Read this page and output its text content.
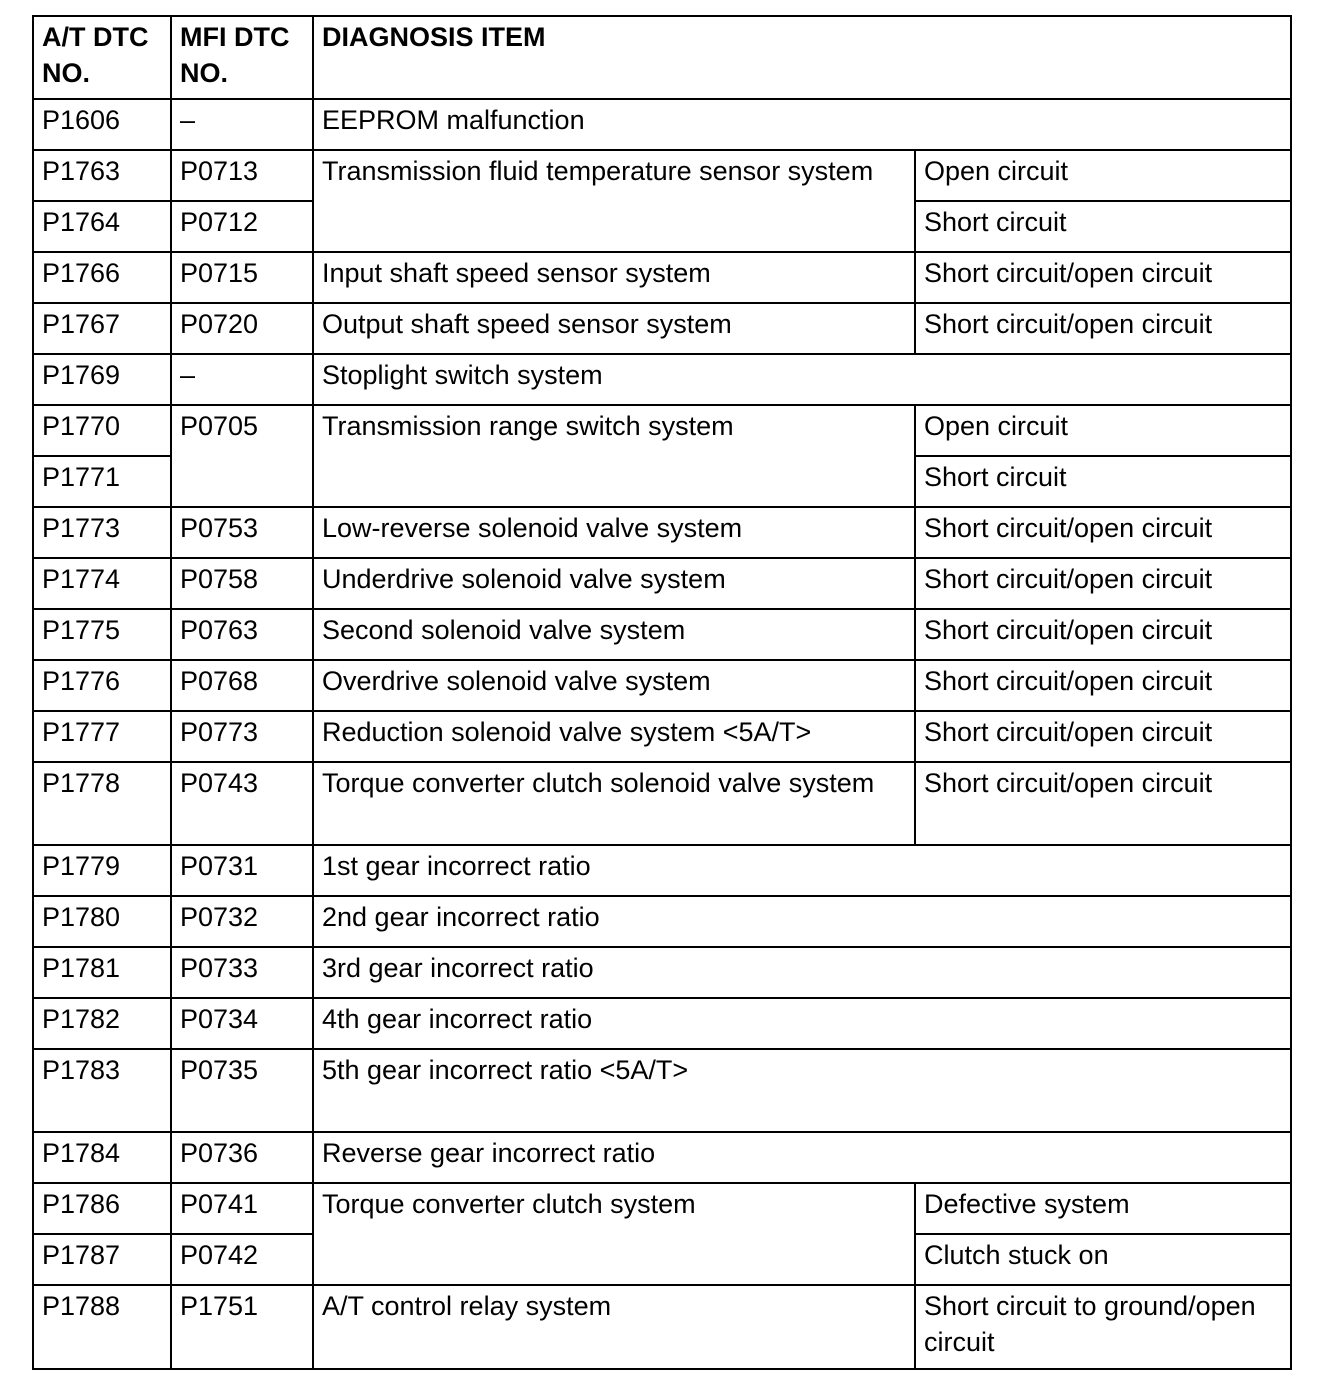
A/T DTC NO.	MFI DTC NO.	DIAGNOSIS ITEM	
P1606	–	EEPROM malfunction	
P1763	P0713	Transmission fluid temperature sensor system	Open circuit
P1764	P0712		Short circuit
P1766	P0715	Input shaft speed sensor system	Short circuit/open circuit
P1767	P0720	Output shaft speed sensor system	Short circuit/open circuit
P1769	–	Stoplight switch system	
P1770	P0705	Transmission range switch system	Open circuit
P1771			Short circuit
P1773	P0753	Low-reverse solenoid valve system	Short circuit/open circuit
P1774	P0758	Underdrive solenoid valve system	Short circuit/open circuit
P1775	P0763	Second solenoid valve system	Short circuit/open circuit
P1776	P0768	Overdrive solenoid valve system	Short circuit/open circuit
P1777	P0773	Reduction solenoid valve system <5A/T>	Short circuit/open circuit
P1778	P0743	Torque converter clutch solenoid valve system	Short circuit/open circuit
P1779	P0731	1st gear incorrect ratio	
P1780	P0732	2nd gear incorrect ratio	
P1781	P0733	3rd gear incorrect ratio	
P1782	P0734	4th gear incorrect ratio	
P1783	P0735	5th gear incorrect ratio <5A/T>	
P1784	P0736	Reverse gear incorrect ratio	
P1786	P0741	Torque converter clutch system	Defective system
P1787	P0742		Clutch stuck on
P1788	P1751	A/T control relay system	Short circuit to ground/open circuit
